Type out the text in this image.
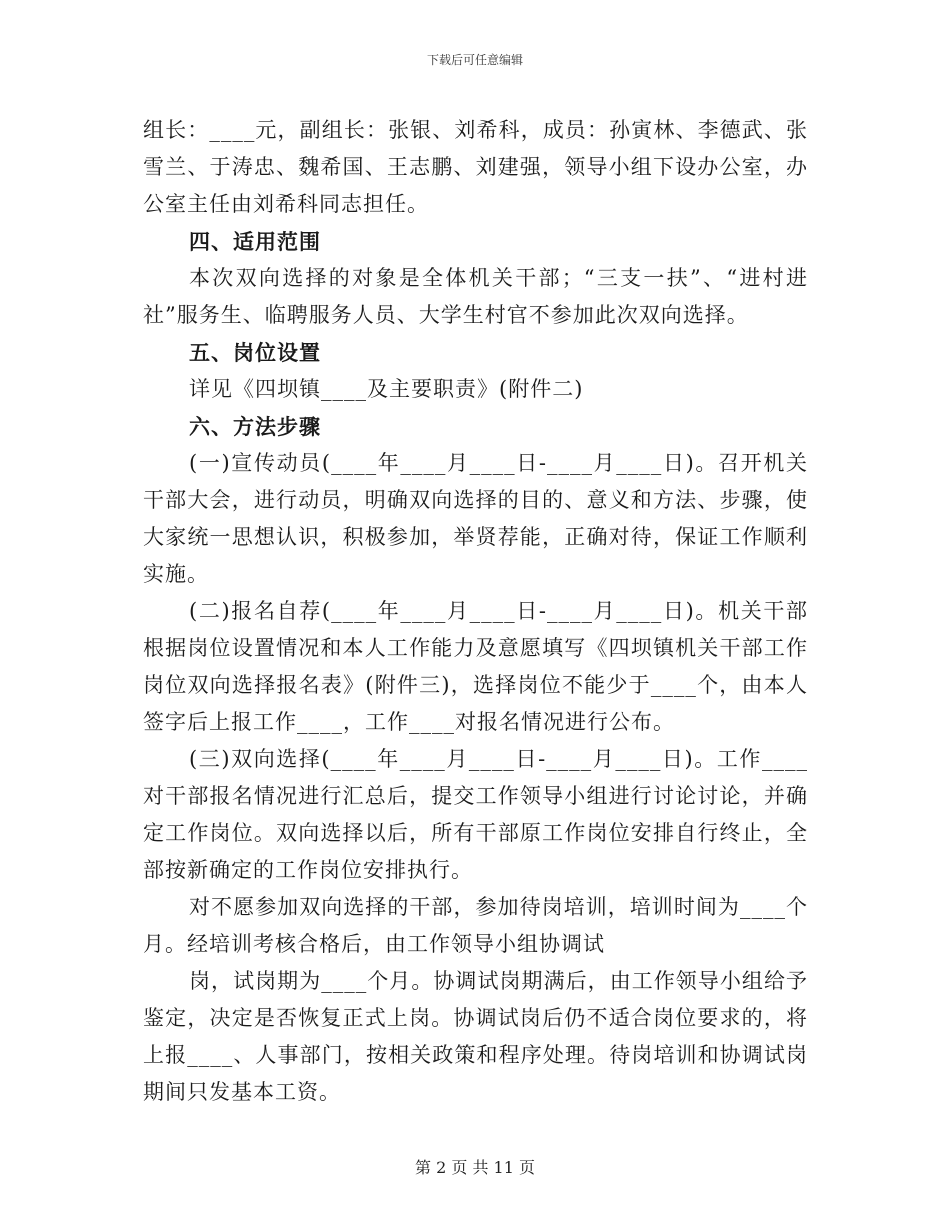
下载后可任意编辑

组长：____元，副组长：张银、刘希科，成员：孙寅林、李德武、张雪兰、于涛忠、魏希国、王志鹏、刘建强，领导小组下设办公室，办公室主任由刘希科同志担任。

四、适用范围

本次双向选择的对象是全体机关干部；“三支一扶”、“进村进社”服务生、临聘服务人员、大学生村官不参加此次双向选择。

五、岗位设置

详见《四坝镇____及主要职责》(附件二)

六、方法步骤

(一)宣传动员(____年____月____日-____月____日)。召开机关干部大会，进行动员，明确双向选择的目的、意义和方法、步骤，使大家统一思想认识，积极参加，举贤荐能，正确对待，保证工作顺利实施。

(二)报名自荐(____年____月____日-____月____日)。机关干部根据岗位设置情况和本人工作能力及意愿填写《四坝镇机关干部工作岗位双向选择报名表》(附件三)，选择岗位不能少于____个，由本人签字后上报工作____，工作____对报名情况进行公布。

(三)双向选择(____年____月____日-____月____日)。工作____对干部报名情况进行汇总后，提交工作领导小组进行讨论讨论，并确定工作岗位。双向选择以后，所有干部原工作岗位安排自行终止，全部按新确定的工作岗位安排执行。

对不愿参加双向选择的干部，参加待岗培训，培训时间为____个月。经培训考核合格后，由工作领导小组协调试

岗，试岗期为____个月。协调试岗期满后，由工作领导小组给予鉴定，决定是否恢复正式上岗。协调试岗后仍不适合岗位要求的，将上报____、人事部门，按相关政策和程序处理。待岗培训和协调试岗期间只发基本工资。

第 2 页 共 11 页
